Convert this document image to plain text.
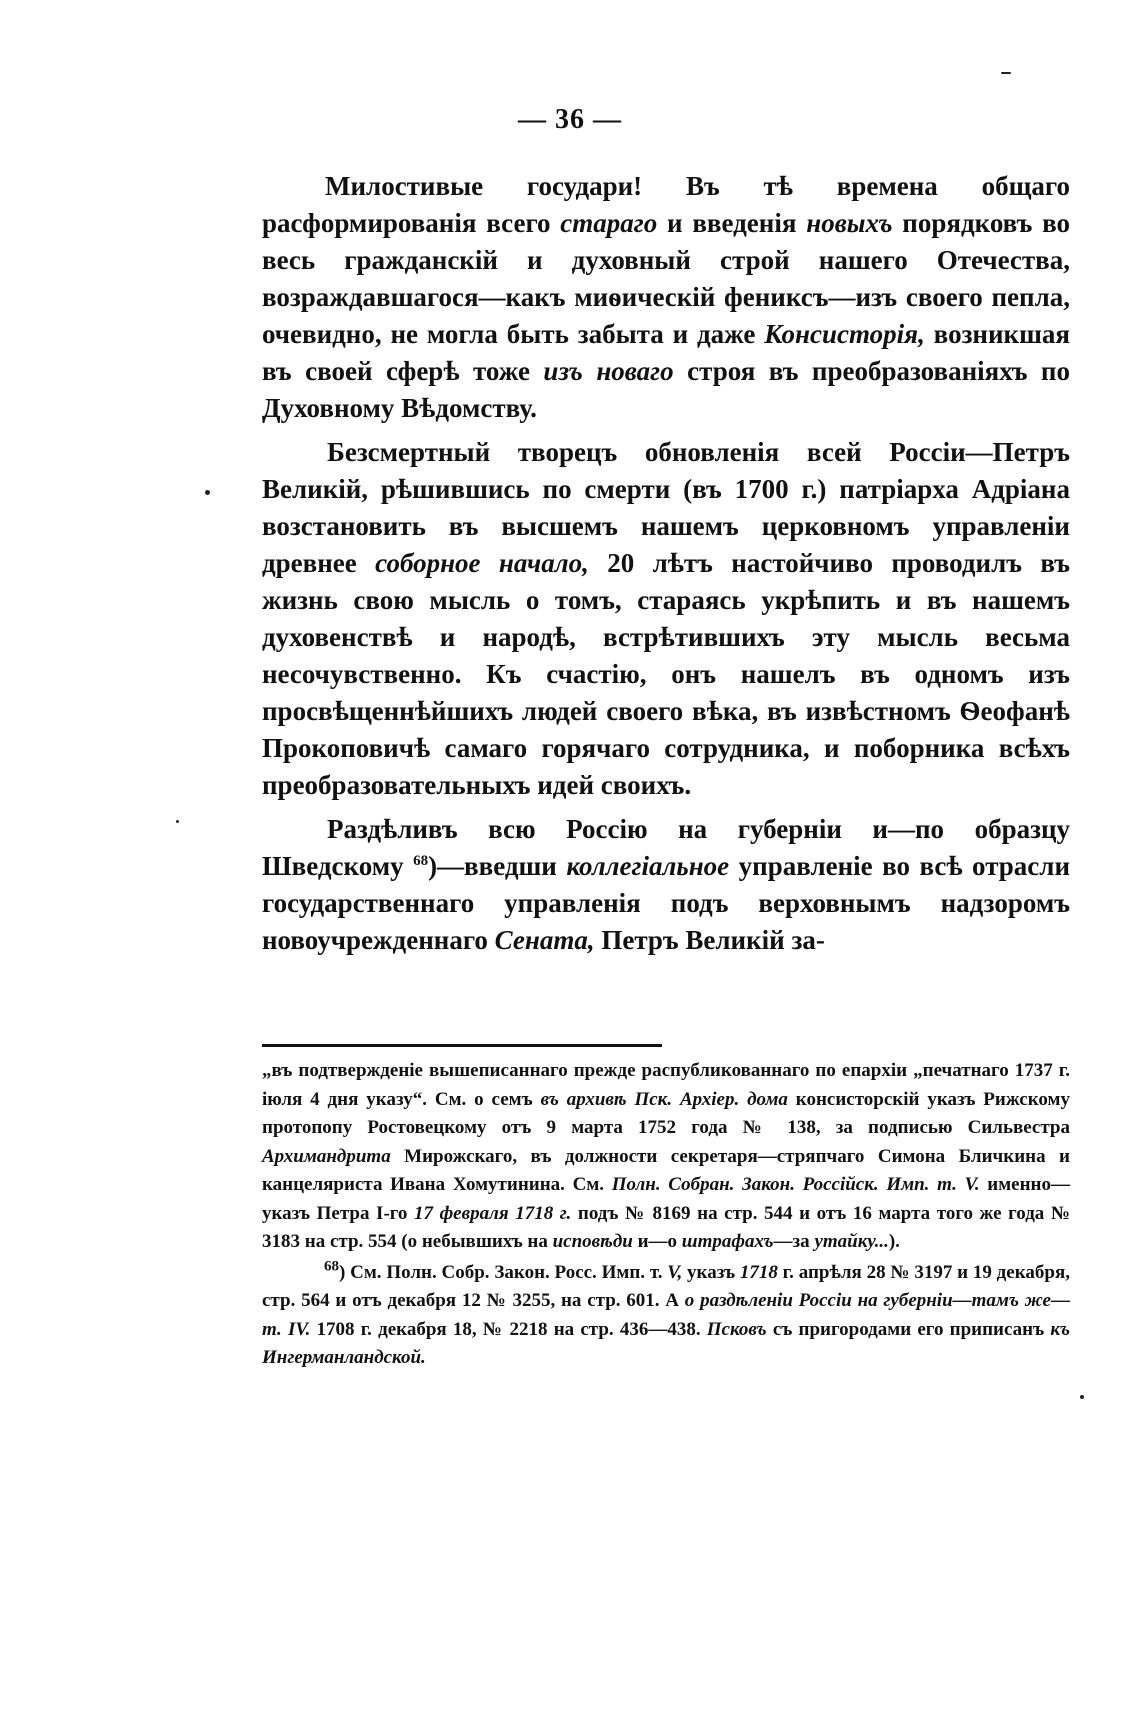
— 36 —

Милостивые государи! Въ тѣ времена общаго расформированія всего стараго и введенія новыхъ порядковъ во весь гражданскій и духовный строй нашего Отечества, возраждавшагося—какъ миѳическій фениксъ—изъ своего пепла, очевидно, не могла быть забыта и даже Консисторія, возникшая въ своей сферѣ тоже изъ новаго строя въ преобразованіяхъ по Духовному Вѣдомству.

Безсмертный творецъ обновленія всей Россіи—Петръ Великій, рѣшившись по смерти (въ 1700 г.) патріарха Адріана возстановить въ высшемъ нашемъ церковномъ управленіи древнее соборное начало, 20 лѣтъ настойчиво проводилъ въ жизнь свою мысль о томъ, стараясь укрѣпить и въ нашемъ духовенствѣ и народѣ, встрѣтившихъ эту мысль весьма несочувственно. Къ счастію, онъ нашелъ въ одномъ изъ просвѣщеннѣйшихъ людей своего вѣка, въ извѣстномъ Ѳеофанѣ Прокоповичѣ самаго горячаго сотрудника, и поборника всѣхъ преобразовательныхъ идей своихъ.

Раздѣливъ всю Россію на губерніи и—по образцу Шведскому $^{68}$)—введши коллегіальное управленіе во всѣ отрасли государственнаго управленія подъ верховнымъ надзоромъ новоучрежденнаго Сената, Петръ Великій за-

„въ подтвержденіе вышеписаннаго прежде распубликованнаго по епархіи „печатнаго 1737 г. іюля 4 дня указу“. См. о семъ въ архивѣ Пск. Архіер. дома консисторскій указъ Рижскому протопопу Ростовецкому отъ 9 марта 1752 года № 138, за подписью Сильвестра Архимандрита Мирожскаго, въ должности секретаря—стряпчаго Симона Бличкина и канцеляриста Ивана Хомутинина. См. Полн. Собран. Закон. Россійск. Имп. т. V. именно—указъ Петра I-го 17 февраля 1718 г. подъ № 8169 на стр. 544 и отъ 16 марта того же года № 3183 на стр. 554 (о небывшихъ на исповѣди и—о штрафахъ—за утайку...).

$^{68}$) См. Полн. Собр. Закон. Росс. Имп. т. V, указъ 1718 г. апрѣля 28 № 3197 и 19 декабря, стр. 564 и отъ декабря 12 № 3255, на стр. 601. А о раздѣленіи Россіи на губерніи—тамъ же—т. IV. 1708 г. декабря 18, № 2218 на стр. 436—438. Псковъ съ пригородами его приписанъ къ Ингерманландской.
